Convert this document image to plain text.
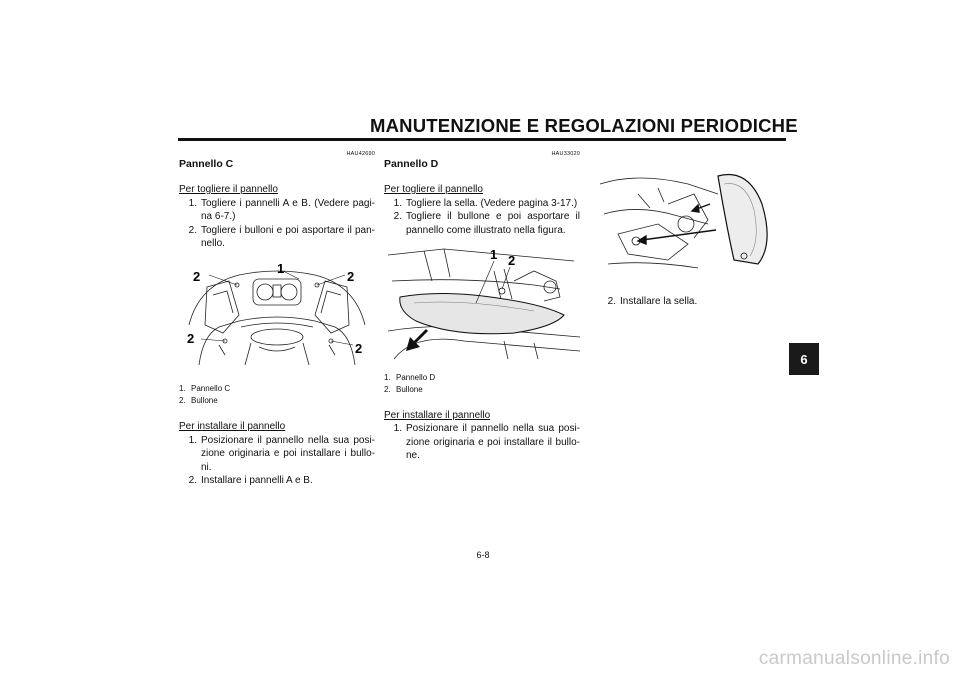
MANUTENZIONE E REGOLAZIONI PERIODICHE
6
HAU42690
Pannello C
Per togliere il pannello
1. Togliere i pannelli A e B. (Vedere pagi-na 6-7.)
2. Togliere i bulloni e poi asportare il pan-nello.
1
2	2
2
2
1. Pannello C
2. Bullone
Per installare il pannello
1. Posizionare il pannello nella sua posi-zione originaria e poi installare i bullo-ni.
2. Installare i pannelli A e B.
HAU33020
Pannello D
Per togliere il pannello
1. Togliere la sella. (Vedere pagina 3-17.)
2. Togliere il bullone e poi asportare il pannello come illustrato nella figura.
1 2
1. Pannello D
2. Bullone
Per installare il pannello
1. Posizionare il pannello nella sua posi-zione originaria e poi installare il bullo-ne.
2. Installare la sella.
6-8
carmanualsonline.info
